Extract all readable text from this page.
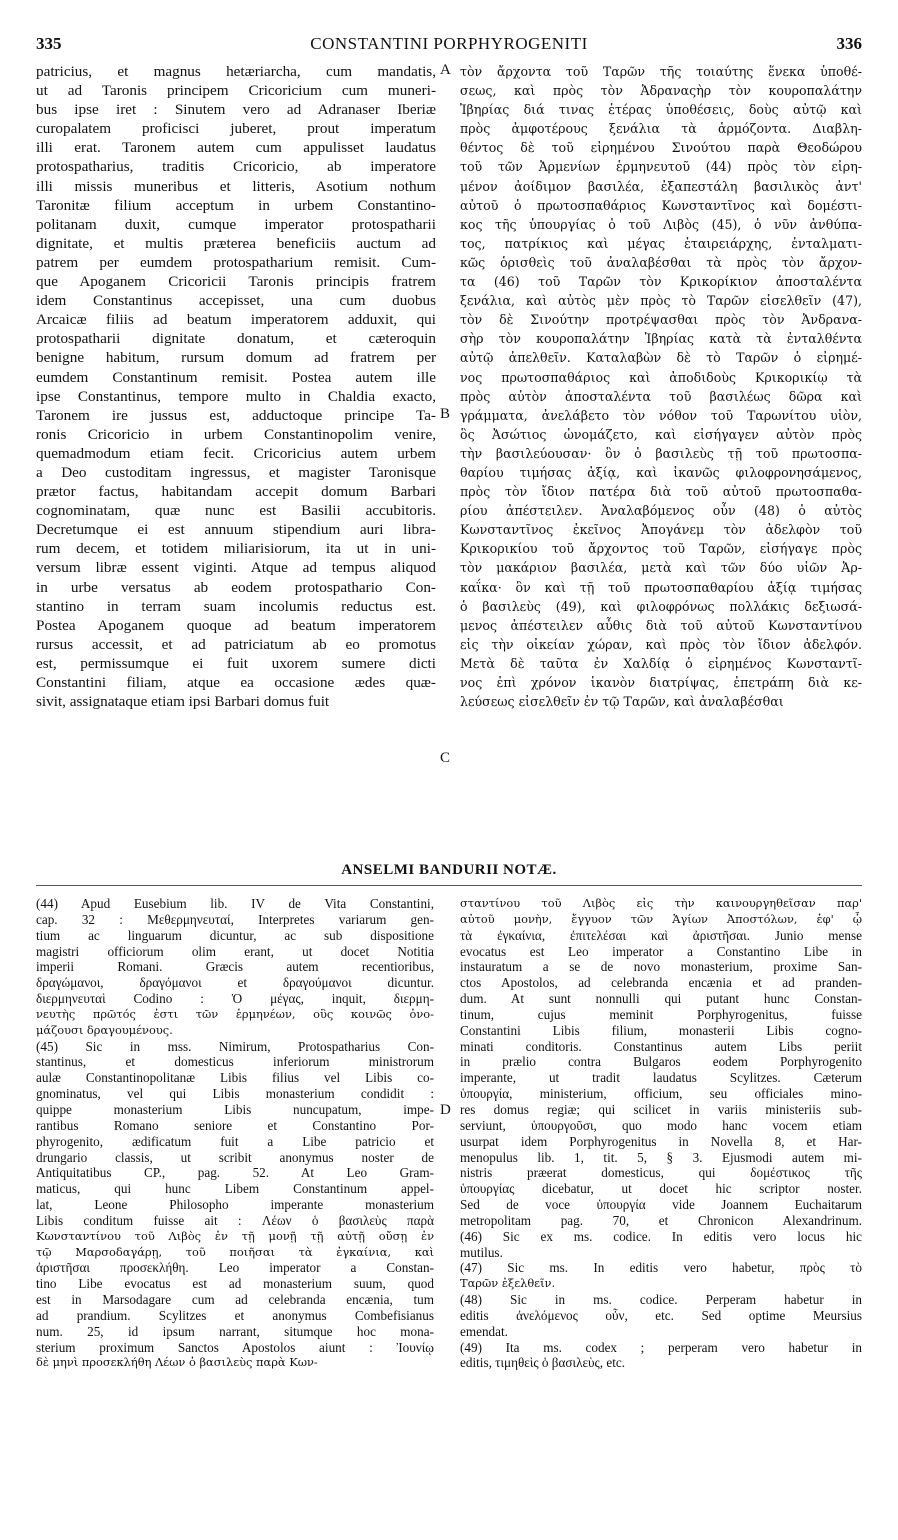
335	CONSTANTINI PORPHYROGENITI	336
patricius, et magnus hetæriarcha, cum mandatis,
ut ad Taronis principem Cricoricium cum muneri-
bus ipse iret : Sinutem vero ad Adranaser Iberiæ
curopalatem proficisci juberet, prout imperatum
illi erat. Taronem autem cum appulisset laudatus
protospatharius, traditis Cricoricio, ab imperatore
illi missis muneribus et litteris, Asotium nothum
Taronitæ filium acceptum in urbem Constantino-
politanam duxit, cumque imperator protospatharii
dignitate, et multis præterea beneficiis auctum ad
patrem per eumdem protospatharium remisit. Cum-
que Apoganem Cricoricii Taronis principis fratrem
idem Constantinus accepisset, una cum duobus
Arcaicæ filiis ad beatum imperatorem adduxit, qui
protospatharii dignitate donatum, et cæteroquin
benigne habitum, rursum domum ad fratrem per
eumdem Constantinum remisit. Postea autem ille
ipse Constantinus, tempore multo in Chaldia exacto,
Taronem ire jussus est, adductoque principe Ta-
ronis Cricoricio in urbem Constantinopolim venire,
quemadmodum etiam fecit. Cricoricius autem urbem
a Deo custoditam ingressus, et magister Taronisque
prætor factus, habitandam accepit domum Barbari
cognominatam, quæ nunc est Basilii accubitoris.
Decretumque ei est annuum stipendium auri libra-
rum decem, et totidem miliarisiorum, ita ut in uni-
versum libræ essent viginti. Atque ad tempus aliquod
in urbe versatus ab eodem protospathario Con-
stantino in terram suam incolumis reductus est.
Postea Apoganem quoque ad beatum imperatorem
rursus accessit, et ad patriciatum ab eo promotus
est, permissumque ei fuit uxorem sumere dicti
Constantini filiam, atque ea occasione ædes quæ-
sivit, assignataque etiam ipsi Barbari domus fuit
τὸν ἄρχοντα τοῦ Ταρῶν τῆς τοιαύτης ἕνεκα ὑποθέ-
σεως, καὶ πρὸς τὸν Ἀδραναςὴρ τὸν κουροπαλάτην
Ἰβηρίας διά τινας ἑτέρας ὑποθέσεις, δοὺς αὐτῷ καὶ
πρὸς ἀμφοτέρους ξενάλια τὰ ἁρμόζοντα. Διαβλη-
θέντος δὲ τοῦ εἰρημένου Σινούτου παρὰ Θεοδώρου
τοῦ τῶν Ἀρμενίων ἑρμηνευτοῦ (44) πρὸς τὸν εἰρη-
μένον ἀοίδιμον βασιλέα, ἐξαπεστάλη βασιλικὸς ἀντ'
αὐτοῦ ὁ πρωτοσπαθάριος Κωνσταντῖνος καὶ δομέστι-
κος τῆς ὑπουργίας ὁ τοῦ Λιβὸς (45), ὁ νῦν ἀνθύπα-
τος, πατρίκιος καὶ μέγας ἑταιρειάρχης, ἐνταλματι-
κῶς ὁρισθεὶς τοῦ ἀναλαβέσθαι τὰ πρὸς τὸν ἄρχον-
τα (46) τοῦ Ταρῶν τὸν Κρικορίκιον ἀποσταλέντα
ξενάλια, καὶ αὐτὸς μὲν πρὸς τὸ Ταρῶν εἰσελθεῖν (47),
τὸν δὲ Σινούτην προτρέψασθαι πρὸς τὸν Ἀνδρανα-
σὴρ τὸν κουροπαλάτην Ἰβηρίας κατὰ τὰ ἐνταλθέντα
αὐτῷ ἀπελθεῖν. Καταλαβὼν δὲ τὸ Ταρῶν ὁ εἰρημέ-
νος πρωτοσπαθάριος καὶ ἀποδιδοὺς Κρικορικίῳ τὰ
πρὸς αὐτὸν ἀποσταλέντα τοῦ βασιλέως δῶρα καὶ
γράμματα, ἀνελάβετο τὸν νόθον τοῦ Ταρωνίτου υἱὸν,
ὃς Ἀσώτιος ὠνομάζετο, καὶ εἰσήγαγεν αὐτὸν πρὸς
τὴν βασιλεύουσαν· ὃν ὁ βασιλεὺς τῇ τοῦ πρωτοσπα-
θαρίου τιμήσας ἀξίᾳ, καὶ ἱκανῶς φιλοφρονησάμενος,
πρὸς τὸν ἴδιον πατέρα διὰ τοῦ αὐτοῦ πρωτοσπαθα-
ρίου ἀπέστειλεν. Ἀναλαβόμενος οὖν (48) ὁ αὐτὸς
Κωνσταντῖνος ἐκεῖνος Ἀπογάνεμ τὸν ἀδελφὸν τοῦ
Κρικορικίου τοῦ ἄρχοντος τοῦ Ταρῶν, εἰσήγαγε πρὸς
τὸν μακάριον βασιλέα, μετὰ καὶ τῶν δύο υἱῶν Ἀρ-
καΐκα· ὃν καὶ τῇ τοῦ πρωτοσπαθαρίου ἀξίᾳ τιμήσας
ὁ βασιλεὺς (49), καὶ φιλοφρόνως πολλάκις δεξιωσά-
μενος ἀπέστειλεν αὖθις διὰ τοῦ αὐτοῦ Κωνσταντίνου
εἰς τὴν οἰκείαν χώραν, καὶ πρὸς τὸν ἴδιον ἀδελφόν.
Μετὰ δὲ ταῦτα ἐν Χαλδίᾳ ὁ εἰρημένος Κωνσταντῖ-
νος ἐπὶ χρόνον ἱκανὸν διατρίψας, ἐπετράπη διὰ κε-
λεύσεως εἰσελθεῖν ἐν τῷ Ταρῶν, καὶ ἀναλαβέσθαι
A
B
C
D
ANSELMI BANDURII NOTÆ.
(44) Apud Eusebium lib. IV de Vita Constantini,
cap. 32 : Μεθερμηνευταί, Interpretes variarum gen-
tium ac linguarum dicuntur, ac sub dispositione
magistri officiorum olim erant, ut docet Notitia
imperii Romani. Græcis autem recentioribus,
δραγώμανοι, δραγόμανοι et δραγούμανοι dicuntur.
διερμηνευταὶ Codino : Ὁ μέγας, inquit, διερμη-
νευτὴς πρῶτός ἐστι τῶν ἑρμηνέων, οὓς κοινῶς ὀνο-
μάζουσι δραγουμένους.
(45) Sic in mss. Nimirum, Protospatharius Con-
stantinus, et domesticus inferiorum ministrorum
aulæ Constantinopolitanæ Libis filius vel Libis co-
gnominatus, vel qui Libis monasterium condidit :
quippe monasterium Libis nuncupatum, impe-
rantibus Romano seniore et Constantino Por-
phyrogenito, ædificatum fuit a Libe patricio et
drungario classis, ut scribit anonymus noster de
Antiquitatibus CP., pag. 52. At Leo Gram-
maticus, qui hunc Libem Constantinum appel-
lat, Leone Philosopho imperante monasterium
Libis conditum fuisse ait : Λέων ὁ βασιλεὺς παρὰ
Κωνσταντίνου τοῦ Λιβὸς ἐν τῇ μονῇ τῇ αὐτῇ οὔσῃ ἐν
τῷ Μαρσοδαγάρῃ, τοῦ ποιῆσαι τὰ ἐγκαίνια, καὶ
ἀριστῆσαι προσεκλήθη. Leo imperator a Constan-
tino Libe evocatus est ad monasterium suum, quod
est in Marsodagare cum ad celebranda encænia, tum
ad prandium. Scylitzes et anonymus Combefisianus
num. 25, id ipsum narrant, situmque hoc mona-
sterium proximum Sanctos Apostolos aiunt : Ἰουνίῳ
δὲ μηνὶ προσεκλήθη Λέων ὁ βασιλεὺς παρὰ Κων-
σταντίνου τοῦ Λιβὸς εἰς τὴν καινουργηθεῖσαν παρ'
αὐτοῦ μονὴν, ἔγγυον τῶν Ἁγίων Ἀποστόλων, ἐφ' ᾧ
τὰ ἐγκαίνια, ἐπιτελέσαι καὶ ἀριστῆσαι. Junio mense
evocatus est Leo imperator a Constantino Libe in
instauratum a se de novo monasterium, proxime San-
ctos Apostolos, ad celebranda encænia et ad pranden-
dum. At sunt nonnulli qui putant hunc Constan-
tinum, cujus meminit Porphyrogenitus, fuisse
Constantini Libis filium, monasterii Libis cogno-
minati conditoris. Constantinus autem Libs periit
in prælio contra Bulgaros eodem Porphyrogenito
imperante, ut tradit laudatus Scylitzes. Cæterum
ὑπουργία, ministerium, officium, seu officiales mino-
res domus regiæ; qui scilicet in variis ministeriis sub-
serviunt, ὑπουργοῦσι, quo modo hanc vocem etiam
usurpat idem Porphyrogenitus in Novella 8, et Har-
menopulus lib. 1, tit. 5, § 3. Ejusmodi autem mi-
nistris præerat domesticus, qui δομέστικος τῆς
ὑπουργίας dicebatur, ut docet hic scriptor noster.
Sed de voce ὑπουργία vide Joannem Euchaitarum
metropolitam pag. 70, et Chronicon Alexandrinum.
(46) Sic ex ms. codice. In editis vero locus hic
mutilus.
(47) Sic ms. In editis vero habetur, πρὸς τὸ
Ταρῶν ἐξελθεῖν.
(48) Sic in ms. codice. Perperam habetur in
editis ἀνελόμενος οὖν, etc. Sed optime Meursius
emendat.
(49) Ita ms. codex ; perperam vero habetur in
editis, τιμηθεὶς ὁ βασιλεὺς, etc.
